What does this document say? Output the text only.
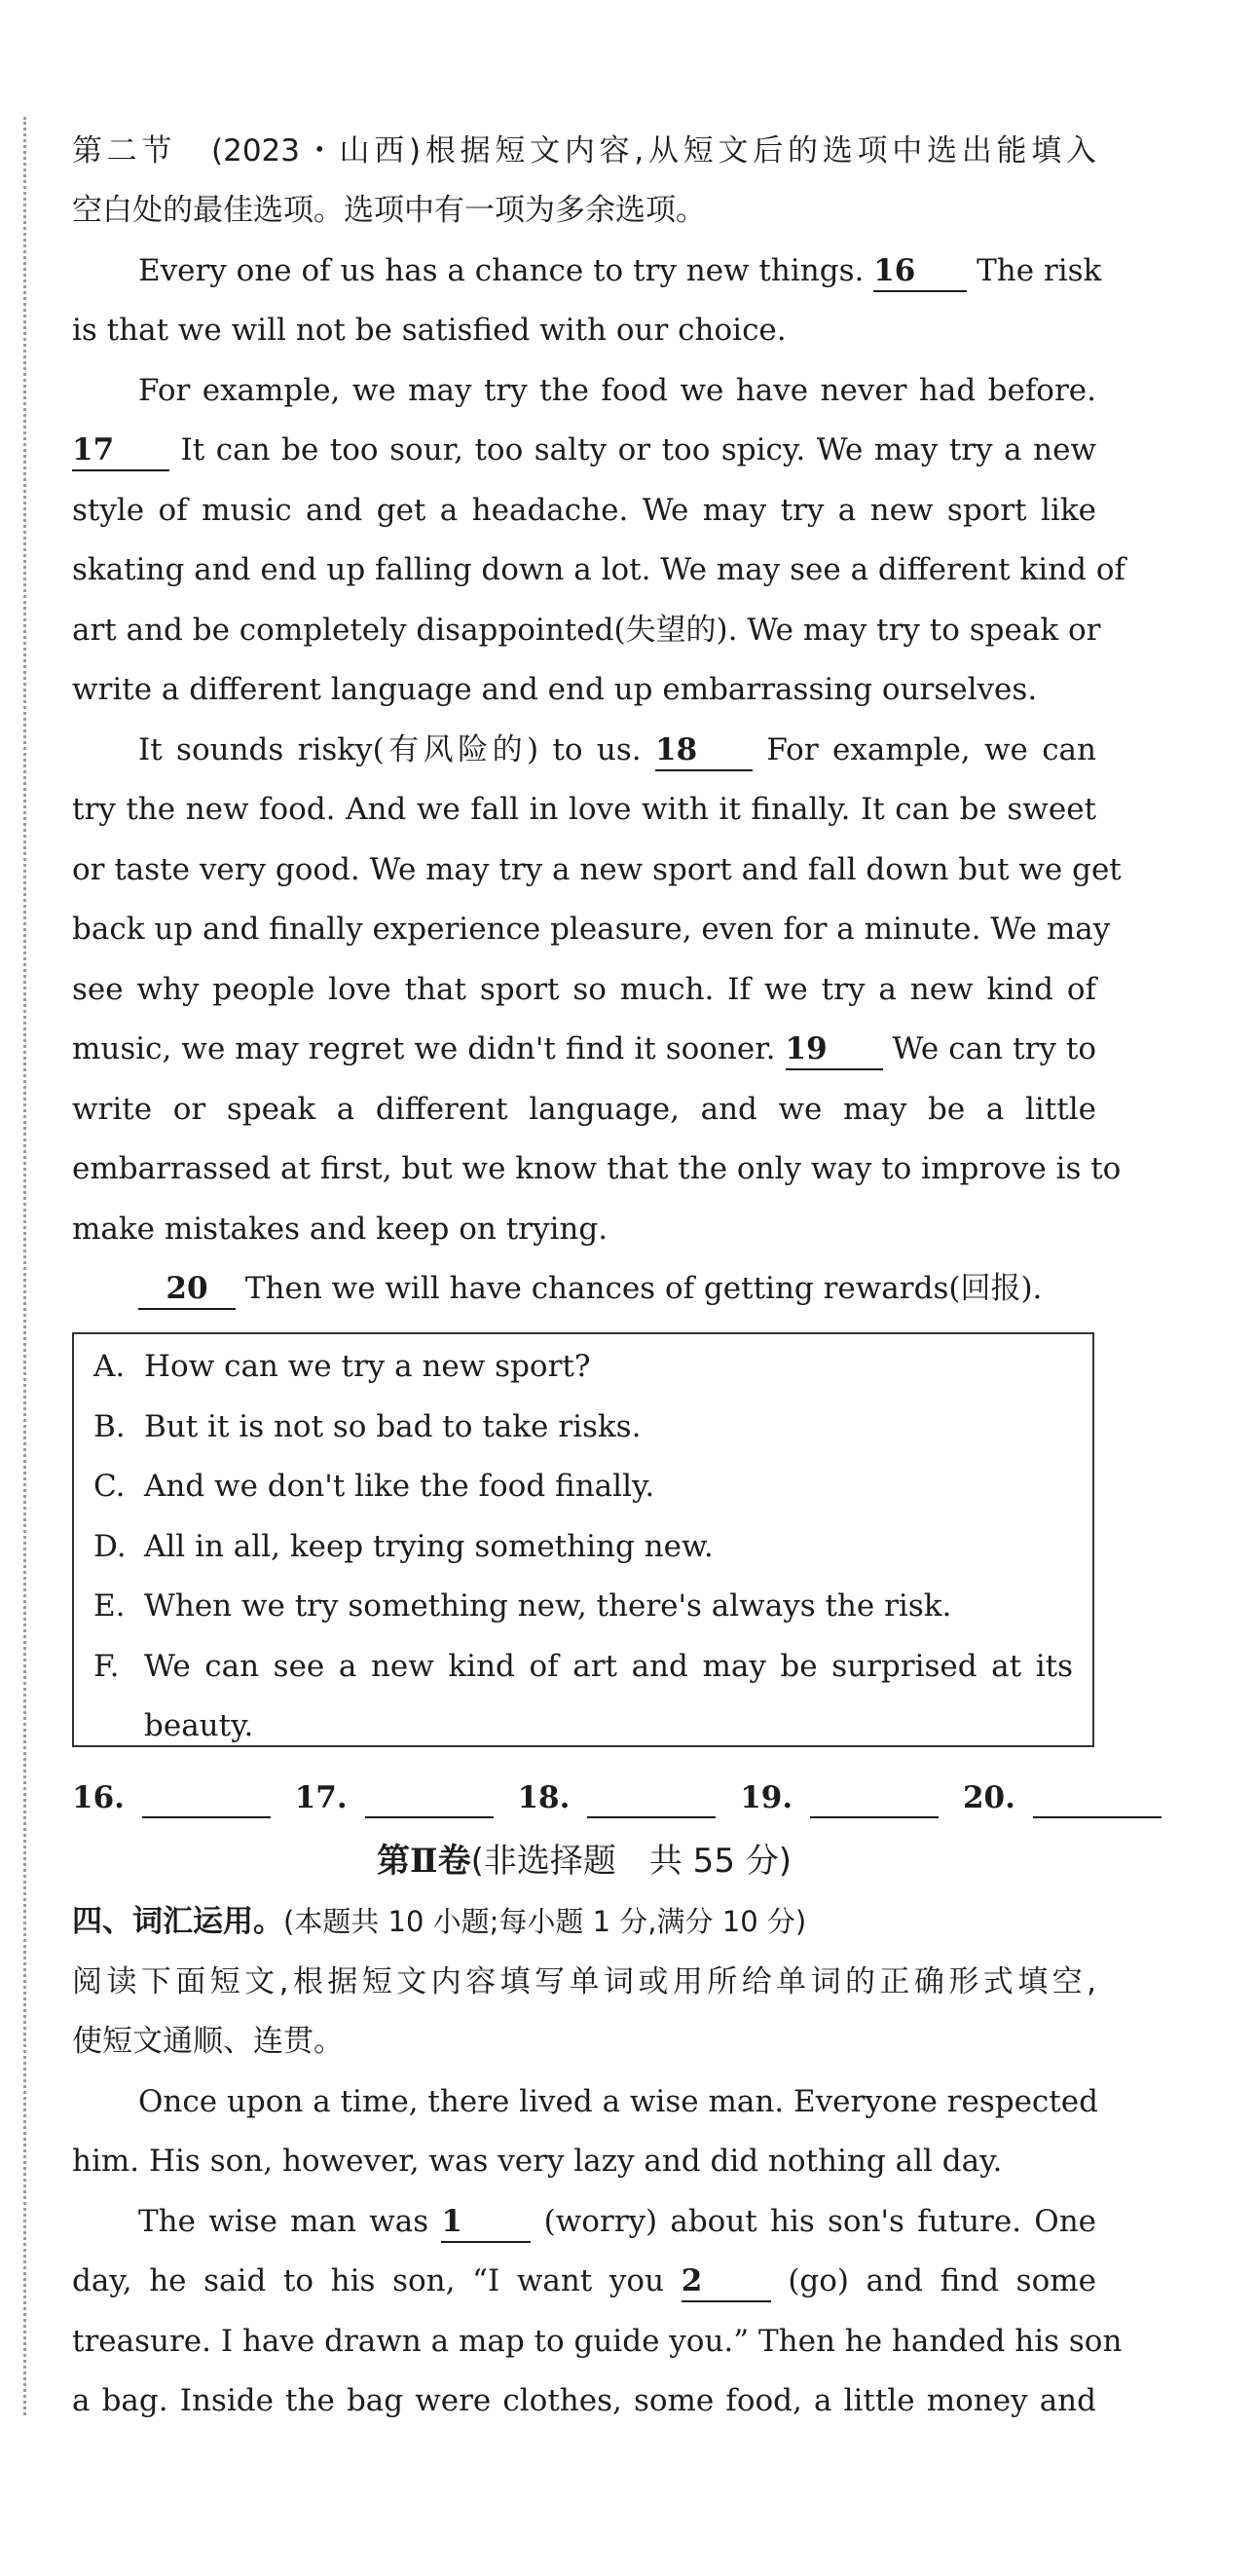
第二节　(2023・山西)根据短文内容,从短文后的选项中选出能填入
空白处的最佳选项。选项中有一项为多余选项。
Every one of us has a chance to try new things. 16 The risk
is that we will not be satisfied with our choice.
For example, we may try the food we have never had before.
17 It can be too sour, too salty or too spicy. We may try a new
style of music and get a headache. We may try a new sport like
skating and end up falling down a lot. We may see a different kind of
art and be completely disappointed(失望的). We may try to speak or
write a different language and end up embarrassing ourselves.
It sounds risky(有风险的) to us. 18 For example, we can
try the new food. And we fall in love with it finally. It can be sweet
or taste very good. We may try a new sport and fall down but we get
back up and finally experience pleasure, even for a minute. We may
see why people love that sport so much. If we try a new kind of
music, we may regret we didn't find it sooner. 19 We can try to
write or speak a different language, and we may be a little
embarrassed at first, but we know that the only way to improve is to
make mistakes and keep on trying.
20 Then we will have chances of getting rewards(回报).
A. How can we try a new sport?
B. But it is not so bad to take risks.
C. And we don't like the food finally.
D. All in all, keep trying something new.
E. When we try something new, there's always the risk.
F. We can see a new kind of art and may be surprised at its
beauty.
16.	17.	18.	19.	20.
第Ⅱ卷(非选择题　共 55 分)
四、词汇运用。(本题共 10 小题;每小题 1 分,满分 10 分)
阅读下面短文,根据短文内容填写单词或用所给单词的正确形式填空,
使短文通顺、连贯。
Once upon a time, there lived a wise man. Everyone respected
him. His son, however, was very lazy and did nothing all day.
The wise man was 1	(worry) about his son's future. One
day, he said to his son, “I want you 2	(go) and find some
treasure. I have drawn a map to guide you.” Then he handed his son
a bag. Inside the bag were clothes, some food, a little money and
